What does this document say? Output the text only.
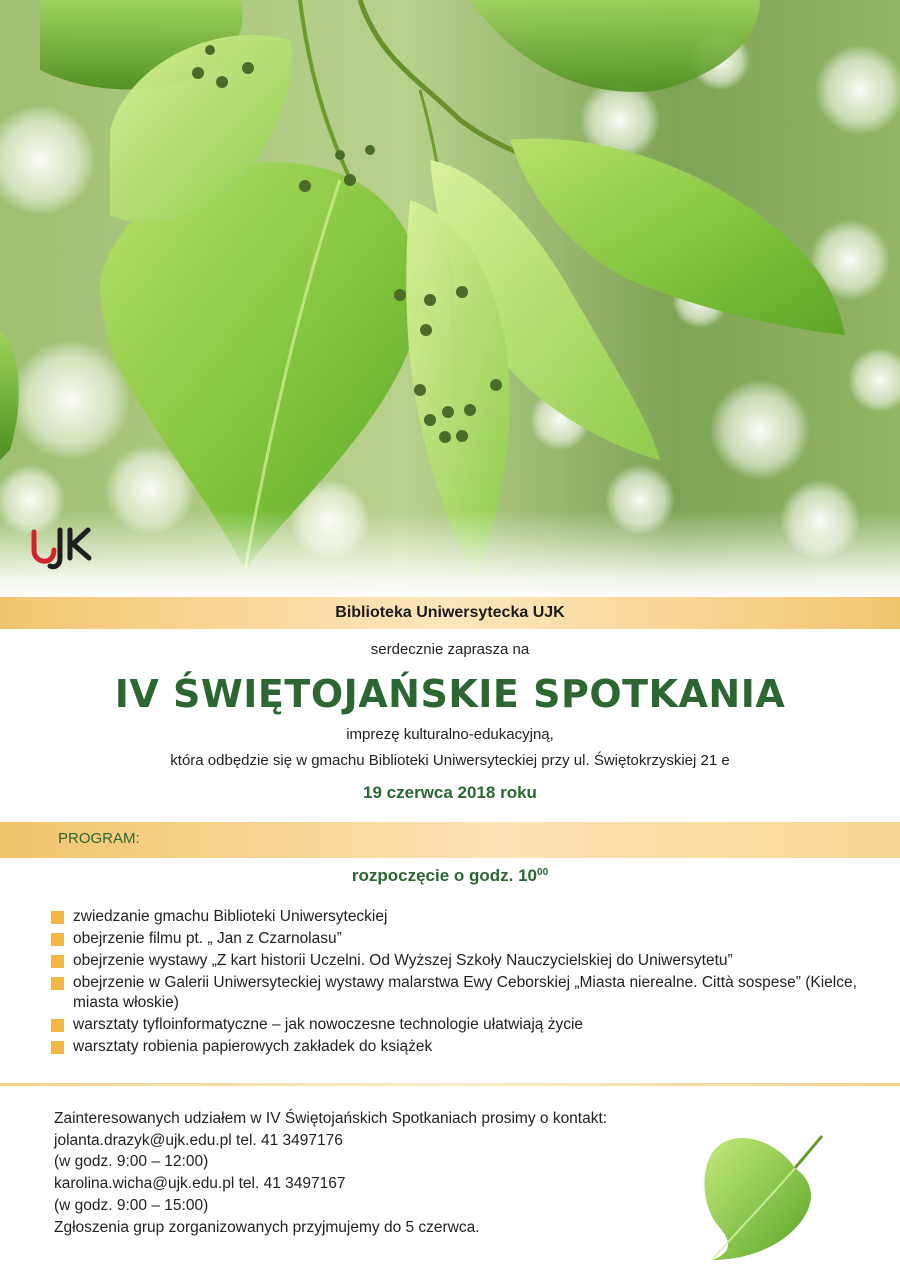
Biblioteka Uniwersytecka UJK
serdecznie zaprasza na
IV ŚWIĘTOJAŃSKIE SPOTKANIA
imprezę kulturalno-edukacyjną,
która odbędzie się w gmachu Biblioteki Uniwersyteckiej przy ul. Świętokrzyskiej 21 e
19 czerwca 2018 roku
PROGRAM:
rozpoczęcie o godz. $10^{00}$
zwiedzanie gmachu Biblioteki Uniwersyteckiej
obejrzenie filmu pt. „ Jan z Czarnolasu”
obejrzenie wystawy „Z kart historii Uczelni. Od Wyższej Szkoły Nauczycielskiej do Uniwersytetu”
obejrzenie w Galerii Uniwersyteckiej wystawy malarstwa Ewy Ceborskiej „Miasta nierealne. Città sospese” (Kielce, miasta włoskie)
warsztaty tyfloinformatyczne – jak nowoczesne technologie ułatwiają życie
warsztaty robienia papierowych zakładek do książek
Zainteresowanych udziałem w IV Świętojańskich Spotkaniach prosimy o kontakt:
jolanta.drazyk@ujk.edu.pl tel. 41 3497176
(w godz. 9:00 – 12:00)
karolina.wicha@ujk.edu.pl tel. 41 3497167
(w godz. 9:00 – 15:00)
Zgłoszenia grup zorganizowanych przyjmujemy do 5 czerwca.
